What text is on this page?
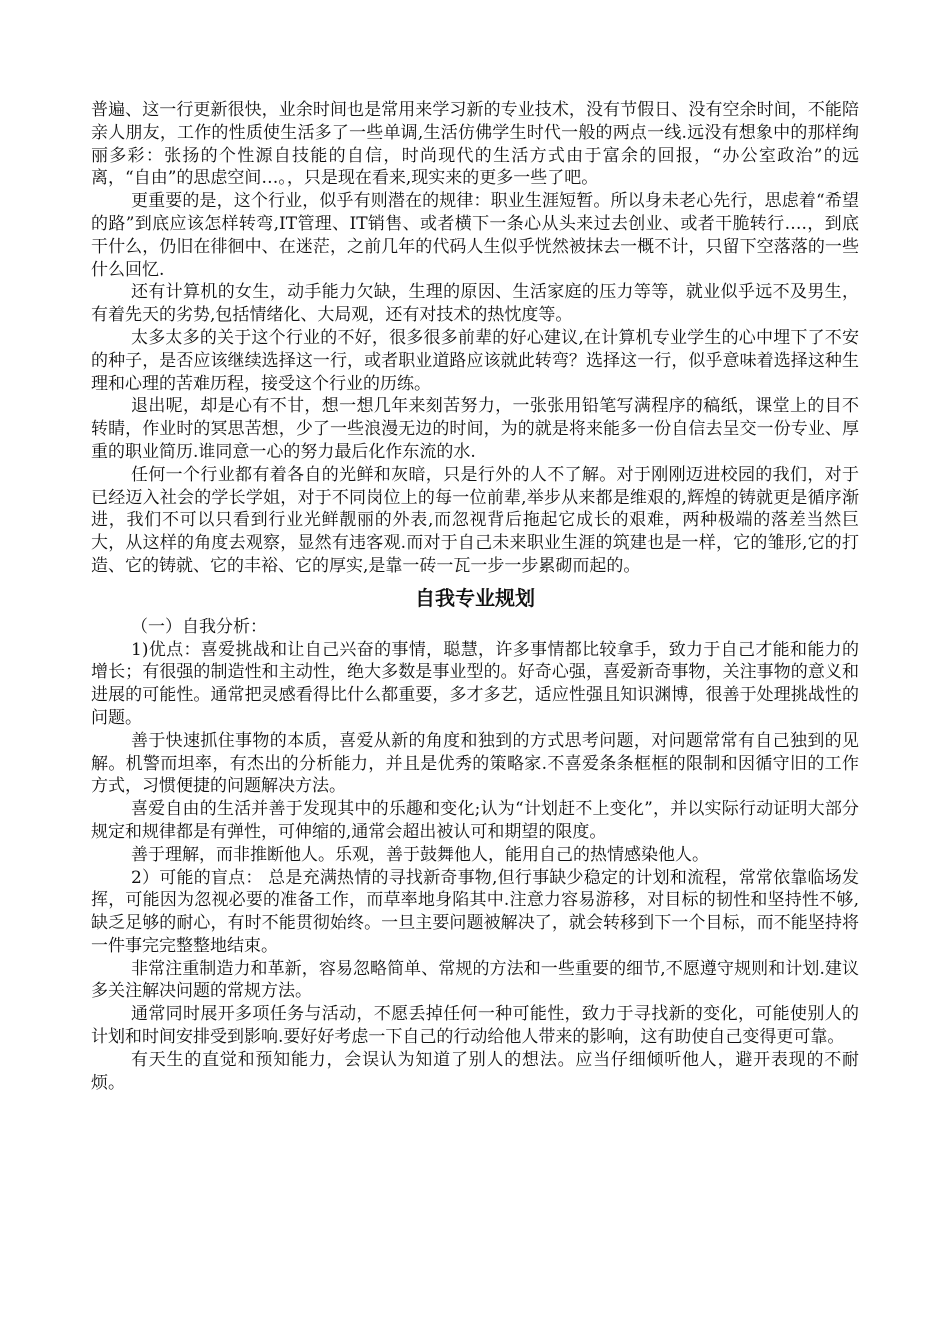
普遍、这一行更新很快，业余时间也是常用来学习新的专业技术，没有节假日、没有空余时间，不能陪亲人朋友，工作的性质使生活多了一些单调,生活仿佛学生时代一般的两点一线.远没有想象中的那样绚丽多彩：张扬的个性源自技能的自信，时尚现代的生活方式由于富余的回报，“办公室政治”的远离，“自由”的思虑空间…。，只是现在看来,现实来的更多一些了吧。

更重要的是，这个行业，似乎有则潜在的规律：职业生涯短暂。所以身未老心先行，思虑着“希望的路”到底应该怎样转弯,IT管理、IT销售、或者横下一条心从头来过去创业、或者干脆转行….，到底干什么，仍旧在徘徊中、在迷茫，之前几年的代码人生似乎恍然被抹去一概不计，只留下空落落的一些什么回忆.

还有计算机的女生，动手能力欠缺，生理的原因、生活家庭的压力等等，就业似乎远不及男生，有着先天的劣势,包括情绪化、大局观，还有对技术的热忱度等。

太多太多的关于这个行业的不好，很多很多前辈的好心建议,在计算机专业学生的心中埋下了不安的种子，是否应该继续选择这一行，或者职业道路应该就此转弯？选择这一行，似乎意味着选择这种生理和心理的苦难历程，接受这个行业的历练。

退出呢，却是心有不甘，想一想几年来刻苦努力，一张张用铅笔写满程序的稿纸，课堂上的目不转睛，作业时的冥思苦想，少了一些浪漫无边的时间，为的就是将来能多一份自信去呈交一份专业、厚重的职业简历.谁同意一心的努力最后化作东流的水.

任何一个行业都有着各自的光鲜和灰暗，只是行外的人不了解。对于刚刚迈进校园的我们，对于已经迈入社会的学长学姐，对于不同岗位上的每一位前辈,举步从来都是维艰的,辉煌的铸就更是循序渐进，我们不可以只看到行业光鲜靓丽的外表,而忽视背后拖起它成长的艰难，两种极端的落差当然巨大，从这样的角度去观察，显然有违客观.而对于自己未来职业生涯的筑建也是一样，它的雏形,它的打造、它的铸就、它的丰裕、它的厚实,是靠一砖一瓦一步一步累砌而起的。

自我专业规划

（一）自我分析：

1)优点：喜爱挑战和让自己兴奋的事情，聪慧，许多事情都比较拿手，致力于自己才能和能力的增长；有很强的制造性和主动性，绝大多数是事业型的。好奇心强，喜爱新奇事物，关注事物的意义和进展的可能性。通常把灵感看得比什么都重要，多才多艺，适应性强且知识渊博，很善于处理挑战性的问题。

善于快速抓住事物的本质，喜爱从新的角度和独到的方式思考问题，对问题常常有自己独到的见解。机警而坦率，有杰出的分析能力，并且是优秀的策略家.不喜爱条条框框的限制和因循守旧的工作方式，习惯便捷的问题解决方法。

喜爱自由的生活并善于发现其中的乐趣和变化;认为“计划赶不上变化”，并以实际行动证明大部分规定和规律都是有弹性，可伸缩的,通常会超出被认可和期望的限度。

善于理解，而非推断他人。乐观，善于鼓舞他人，能用自己的热情感染他人。

2）可能的盲点： 总是充满热情的寻找新奇事物,但行事缺少稳定的计划和流程，常常依靠临场发挥，可能因为忽视必要的准备工作，而草率地身陷其中.注意力容易游移，对目标的韧性和坚持性不够,缺乏足够的耐心，有时不能贯彻始终。一旦主要问题被解决了，就会转移到下一个目标，而不能坚持将一件事完完整整地结束。

非常注重制造力和革新，容易忽略简单、常规的方法和一些重要的细节,不愿遵守规则和计划.建议多关注解决问题的常规方法。

通常同时展开多项任务与活动，不愿丢掉任何一种可能性，致力于寻找新的变化，可能使别人的计划和时间安排受到影响.要好好考虑一下自己的行动给他人带来的影响，这有助使自己变得更可靠。

有天生的直觉和预知能力，会误认为知道了别人的想法。应当仔细倾听他人，避开表现的不耐烦。
